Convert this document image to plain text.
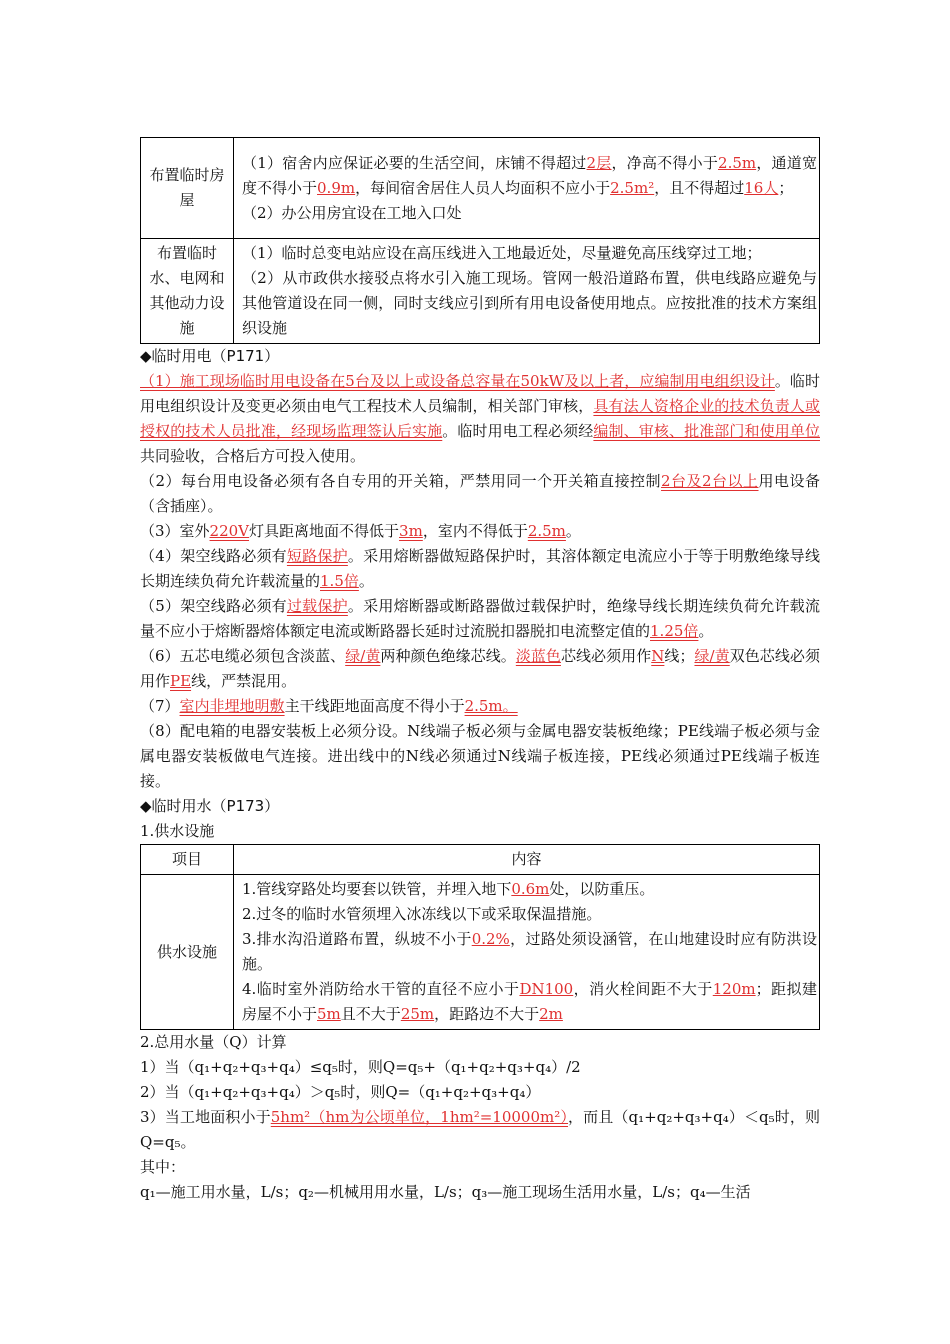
布置临时房屋	（1）宿舍内应保证必要的生活空间，床铺不得超过2层，净高不得小于2.5m，通道宽度不得小于0.9m，每间宿舍居住人员人均面积不应小于2.5m²，且不得超过16人；
（2）办公用房宜设在工地入口处
布置临时水、电网和其他动力设施	（1）临时总变电站应设在高压线进入工地最近处，尽量避免高压线穿过工地；
（2）从市政供水接驳点将水引入施工现场。管网一般沿道路布置，供电线路应避免与其他管道设在同一侧，同时支线应引到所有用电设备使用地点。应按批准的技术方案组织设施

◆临时用电（P171）

（1）施工现场临时用电设备在5台及以上或设备总容量在50kW及以上者，应编制用电组织设计。临时用电组织设计及变更必须由电气工程技术人员编制，相关部门审核，具有法人资格企业的技术负责人或授权的技术人员批准，经现场监理签认后实施。临时用电工程必须经编制、审核、批准部门和使用单位共同验收，合格后方可投入使用。

（2）每台用电设备必须有各自专用的开关箱，严禁用同一个开关箱直接控制2台及2台以上用电设备（含插座）。

（3）室外220V灯具距离地面不得低于3m，室内不得低于2.5m。

（4）架空线路必须有短路保护。采用熔断器做短路保护时，其溶体额定电流应小于等于明敷绝缘导线长期连续负荷允许载流量的1.5倍。

（5）架空线路必须有过载保护。采用熔断器或断路器做过载保护时，绝缘导线长期连续负荷允许载流量不应小于熔断器熔体额定电流或断路器长延时过流脱扣器脱扣电流整定值的1.25倍。

（6）五芯电缆必须包含淡蓝、绿/黄两种颜色绝缘芯线。淡蓝色芯线必须用作N线；绿/黄双色芯线必须用作PE线，严禁混用。

（7）室内非埋地明敷主干线距地面高度不得小于2.5m。

（8）配电箱的电器安装板上必须分设。N线端子板必须与金属电器安装板绝缘；PE线端子板必须与金属电器安装板做电气连接。进出线中的N线必须通过N线端子板连接，PE线必须通过PE线端子板连接。

◆临时用水（P173）

1.供水设施

项目	内容
供水设施	1.管线穿路处均要套以铁管，并埋入地下0.6m处，以防重压。
2.过冬的临时水管须埋入冰冻线以下或采取保温措施。
3.排水沟沿道路布置，纵坡不小于0.2%，过路处须设涵管，在山地建设时应有防洪设施。
4.临时室外消防给水干管的直径不应小于DN100，消火栓间距不大于120m；距拟建房屋不小于5m且不大于25m，距路边不大于2m

2.总用水量（Q）计算

1）当（q₁+q₂+q₃+q₄）≤q₅时，则Q=q₅+（q₁+q₂+q₃+q₄）/2

2）当（q₁+q₂+q₃+q₄）＞q₅时，则Q=（q₁+q₂+q₃+q₄）

3）当工地面积小于5hm²（hm为公顷单位，1hm²=10000m²），而且（q₁+q₂+q₃+q₄）＜q₅时，则Q=q₅。

其中：

q₁—施工用水量，L/s；q₂—机械用用水量，L/s；q₃—施工现场生活用水量，L/s；q₄—生活
